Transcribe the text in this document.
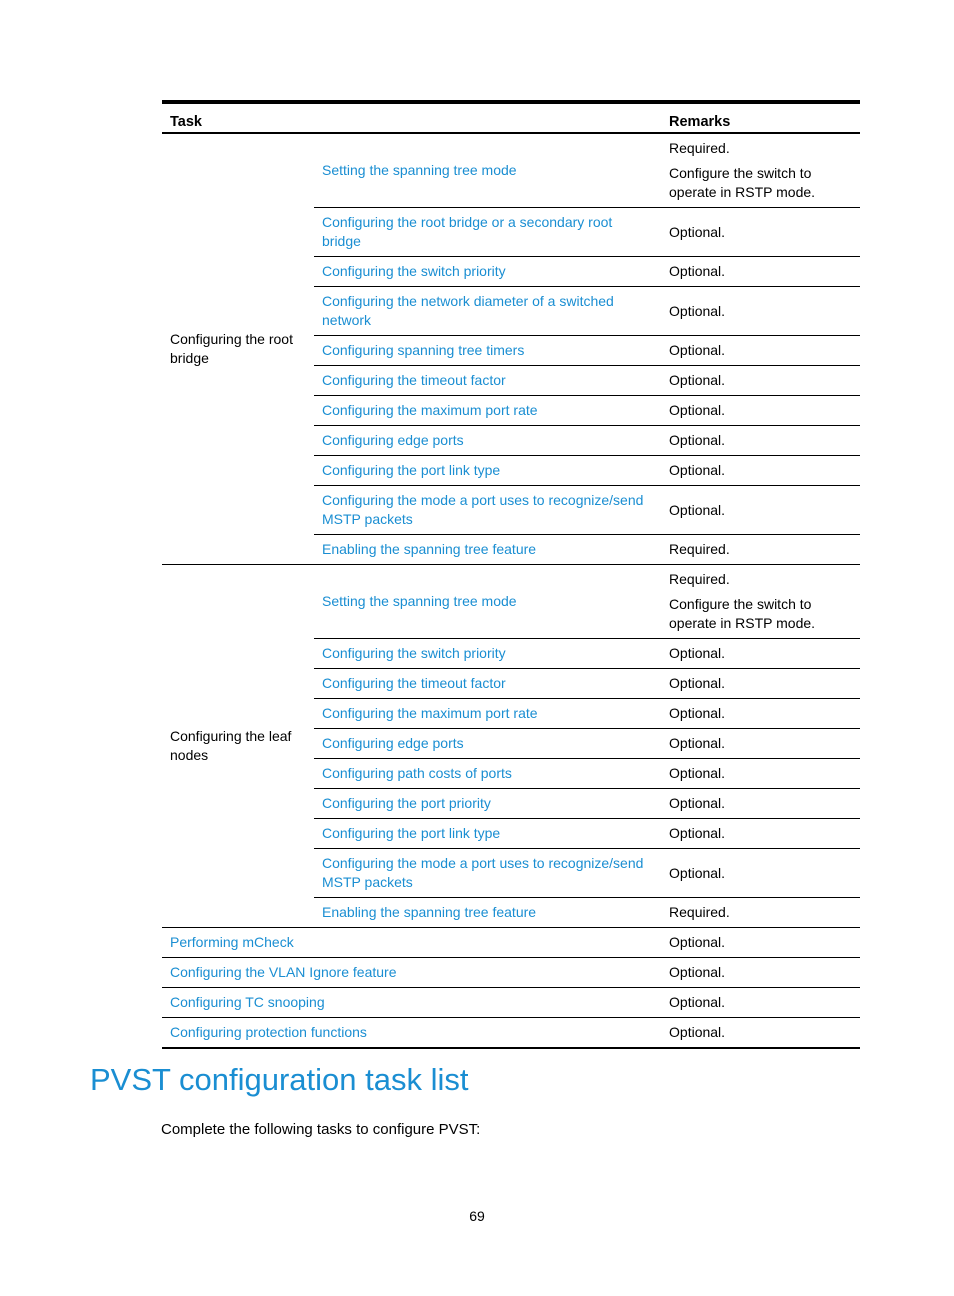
Task		Remarks
Configuring the root bridge	Setting the spanning tree mode	Required.

Configure the switch to operate in RSTP mode.

	Configuring the root bridge or a secondary root bridge	Optional.

	Configuring the switch priority	Optional.

	Configuring the network diameter of a switched network	Optional.

	Configuring spanning tree timers	Optional.

	Configuring the timeout factor	Optional.

	Configuring the maximum port rate	Optional.

	Configuring edge ports	Optional.

	Configuring the port link type	Optional.

	Configuring the mode a port uses to recognize/send MSTP packets	Optional.

	Enabling the spanning tree feature	Required.

Configuring the leaf nodes	Setting the spanning tree mode	Required.

Configure the switch to operate in RSTP mode.

	Configuring the switch priority	Optional.

	Configuring the timeout factor	Optional.

	Configuring the maximum port rate	Optional.

	Configuring edge ports	Optional.

	Configuring path costs of ports	Optional.

	Configuring the port priority	Optional.

	Configuring the port link type	Optional.

	Configuring the mode a port uses to recognize/send MSTP packets	Optional.

	Enabling the spanning tree feature	Required.

Performing mCheck		Optional.
Configuring the VLAN Ignore feature		Optional.
Configuring TC snooping		Optional.
Configuring protection functions		Optional.
PVST configuration task list

Complete the following tasks to configure PVST:

69
